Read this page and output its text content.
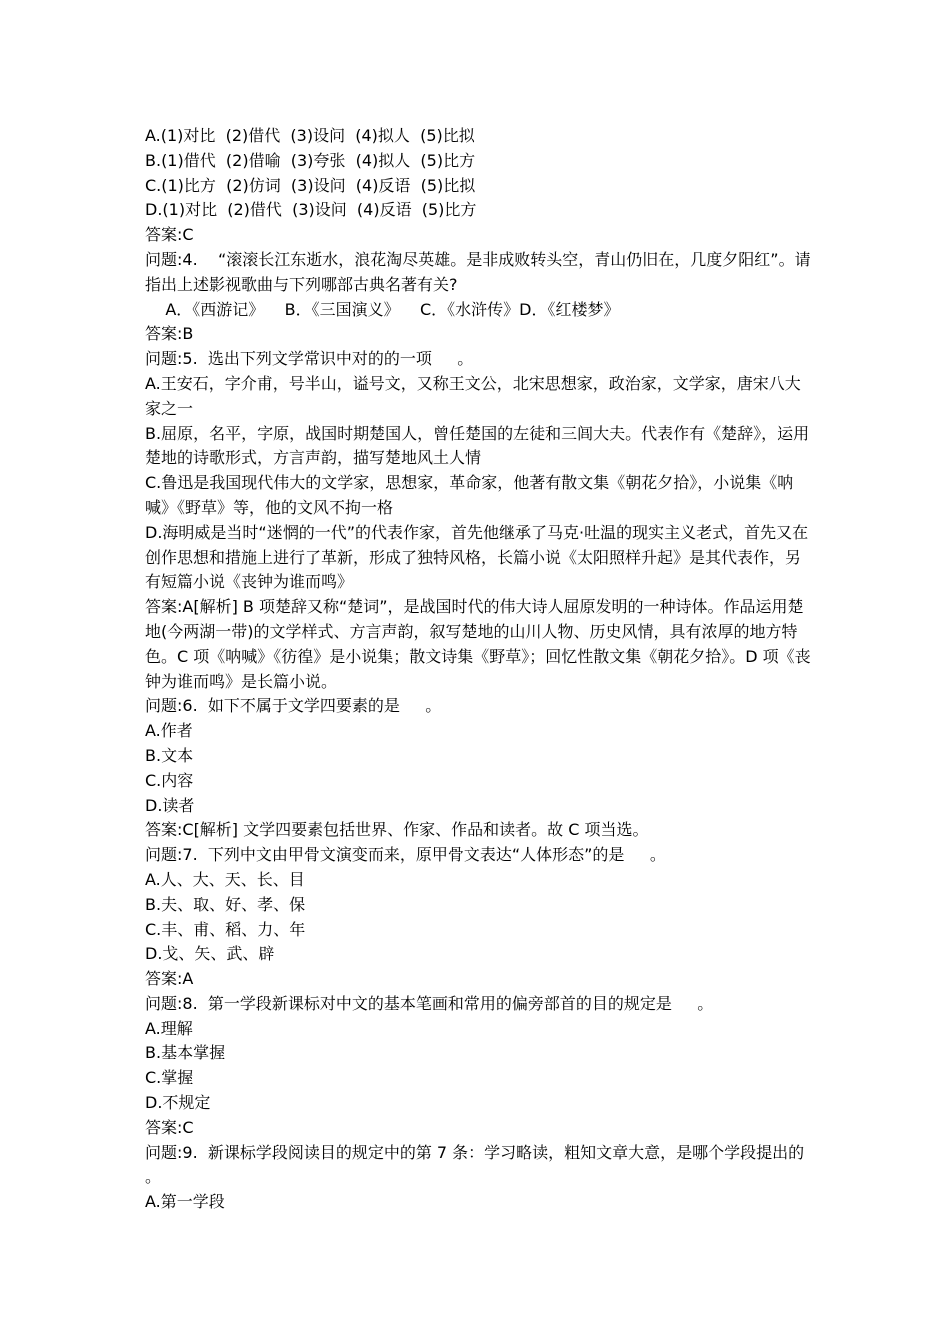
A.(1)对比  (2)借代  (3)设问  (4)拟人  (5)比拟

B.(1)借代  (2)借喻  (3)夸张  (4)拟人  (5)比方

C.(1)比方  (2)仿词  (3)设问  (4)反语  (5)比拟

D.(1)对比  (2)借代  (3)设问  (4)反语  (5)比方

答案:C

问题:4.    “滚滚长江东逝水，浪花淘尽英雄。是非成败转头空，青山仍旧在，几度夕阳红”。请指出上述影视歌曲与下列哪部古典名著有关?

A．《西游记》    B．《三国演义》    C．《水浒传》D．《红楼梦》

答案:B

问题:5.  选出下列文学常识中对的的一项     。

A.王安石，字介甫，号半山，谥号文，又称王文公，北宋思想家，政治家，文学家，唐宋八大家之一

B.屈原，名平，字原，战国时期楚国人，曾任楚国的左徒和三闾大夫。代表作有《楚辞》，运用楚地的诗歌形式，方言声韵，描写楚地风土人情

C.鲁迅是我国现代伟大的文学家，思想家，革命家，他著有散文集《朝花夕拾》，小说集《呐喊》《野草》等，他的文风不拘一格

D.海明威是当时“迷惘的一代”的代表作家，首先他继承了马克·吐温的现实主义老式，首先又在创作思想和措施上进行了革新，形成了独特风格，长篇小说《太阳照样升起》是其代表作，另有短篇小说《丧钟为谁而鸣》

答案:A[解析] B 项楚辞又称“楚词”，是战国时代的伟大诗人屈原发明的一种诗体。作品运用楚地(今两湖一带)的文学样式、方言声韵，叙写楚地的山川人物、历史风情，具有浓厚的地方特色。C 项《呐喊》《彷徨》是小说集；散文诗集《野草》；回忆性散文集《朝花夕拾》。D 项《丧钟为谁而鸣》是长篇小说。

问题:6.  如下不属于文学四要素的是     。

A.作者

B.文本

C.内容

D.读者

答案:C[解析] 文学四要素包括世界、作家、作品和读者。故 C 项当选。

问题:7.  下列中文由甲骨文演变而来，原甲骨文表达“人体形态”的是     。

A.人、大、天、长、目

B.夫、取、好、孝、保

C.丰、甫、稻、力、年

D.戈、矢、武、辟

答案:A

问题:8.  第一学段新课标对中文的基本笔画和常用的偏旁部首的目的规定是     。

A.理解

B.基本掌握

C.掌握

D.不规定

答案:C

问题:9.  新课标学段阅读目的规定中的第 7 条：学习略读，粗知文章大意，是哪个学段提出的     。

A.第一学段
